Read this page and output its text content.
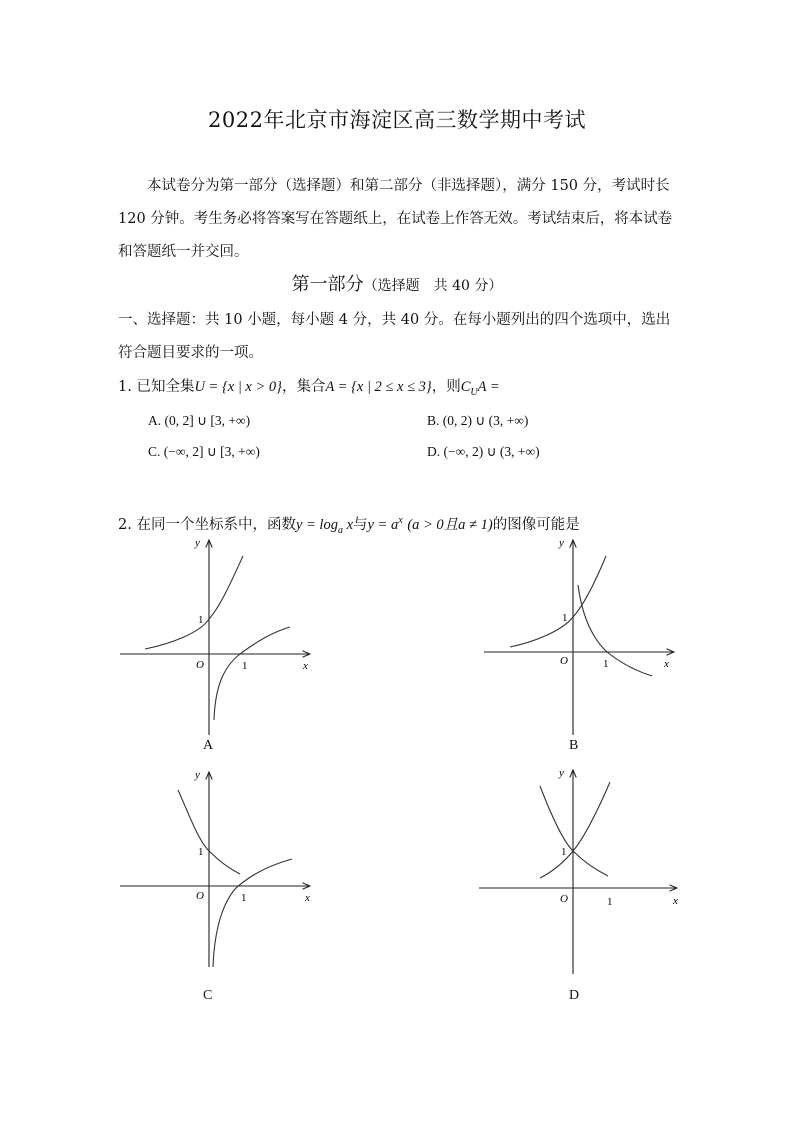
2022年北京市海淀区高三数学期中考试
本试卷分为第一部分（选择题）和第二部分（非选择题），满分 150 分，考试时长 120 分钟。考生务必将答案写在答题纸上，在试卷上作答无效。考试结束后，将本试卷和答题纸一并交回。
第一部分（选择题　共 40 分）
一、选择题：共 10 小题，每小题 4 分，共 40 分。在每小题列出的四个选项中，选出符合题目要求的一项。
1. 已知全集U = {x | x > 0}，集合A = {x | 2 ≤ x ≤ 3}，则$C_UA$ =
A. (0, 2] ∪ [3, +∞)	B. (0, 2) ∪ (3, +∞)
C. (−∞, 2] ∪ [3, +∞)	D. (−∞, 2) ∪ (3, +∞)
2. 在同一个坐标系中，函数$y = \log_a x$与$y = a^x$ (a > 0且a ≠ 1)的图像可能是
y
x
O
1
1
A
y
x
O
1
1
B
y
x
O
1
1
C
y
x
O
1
1
D
